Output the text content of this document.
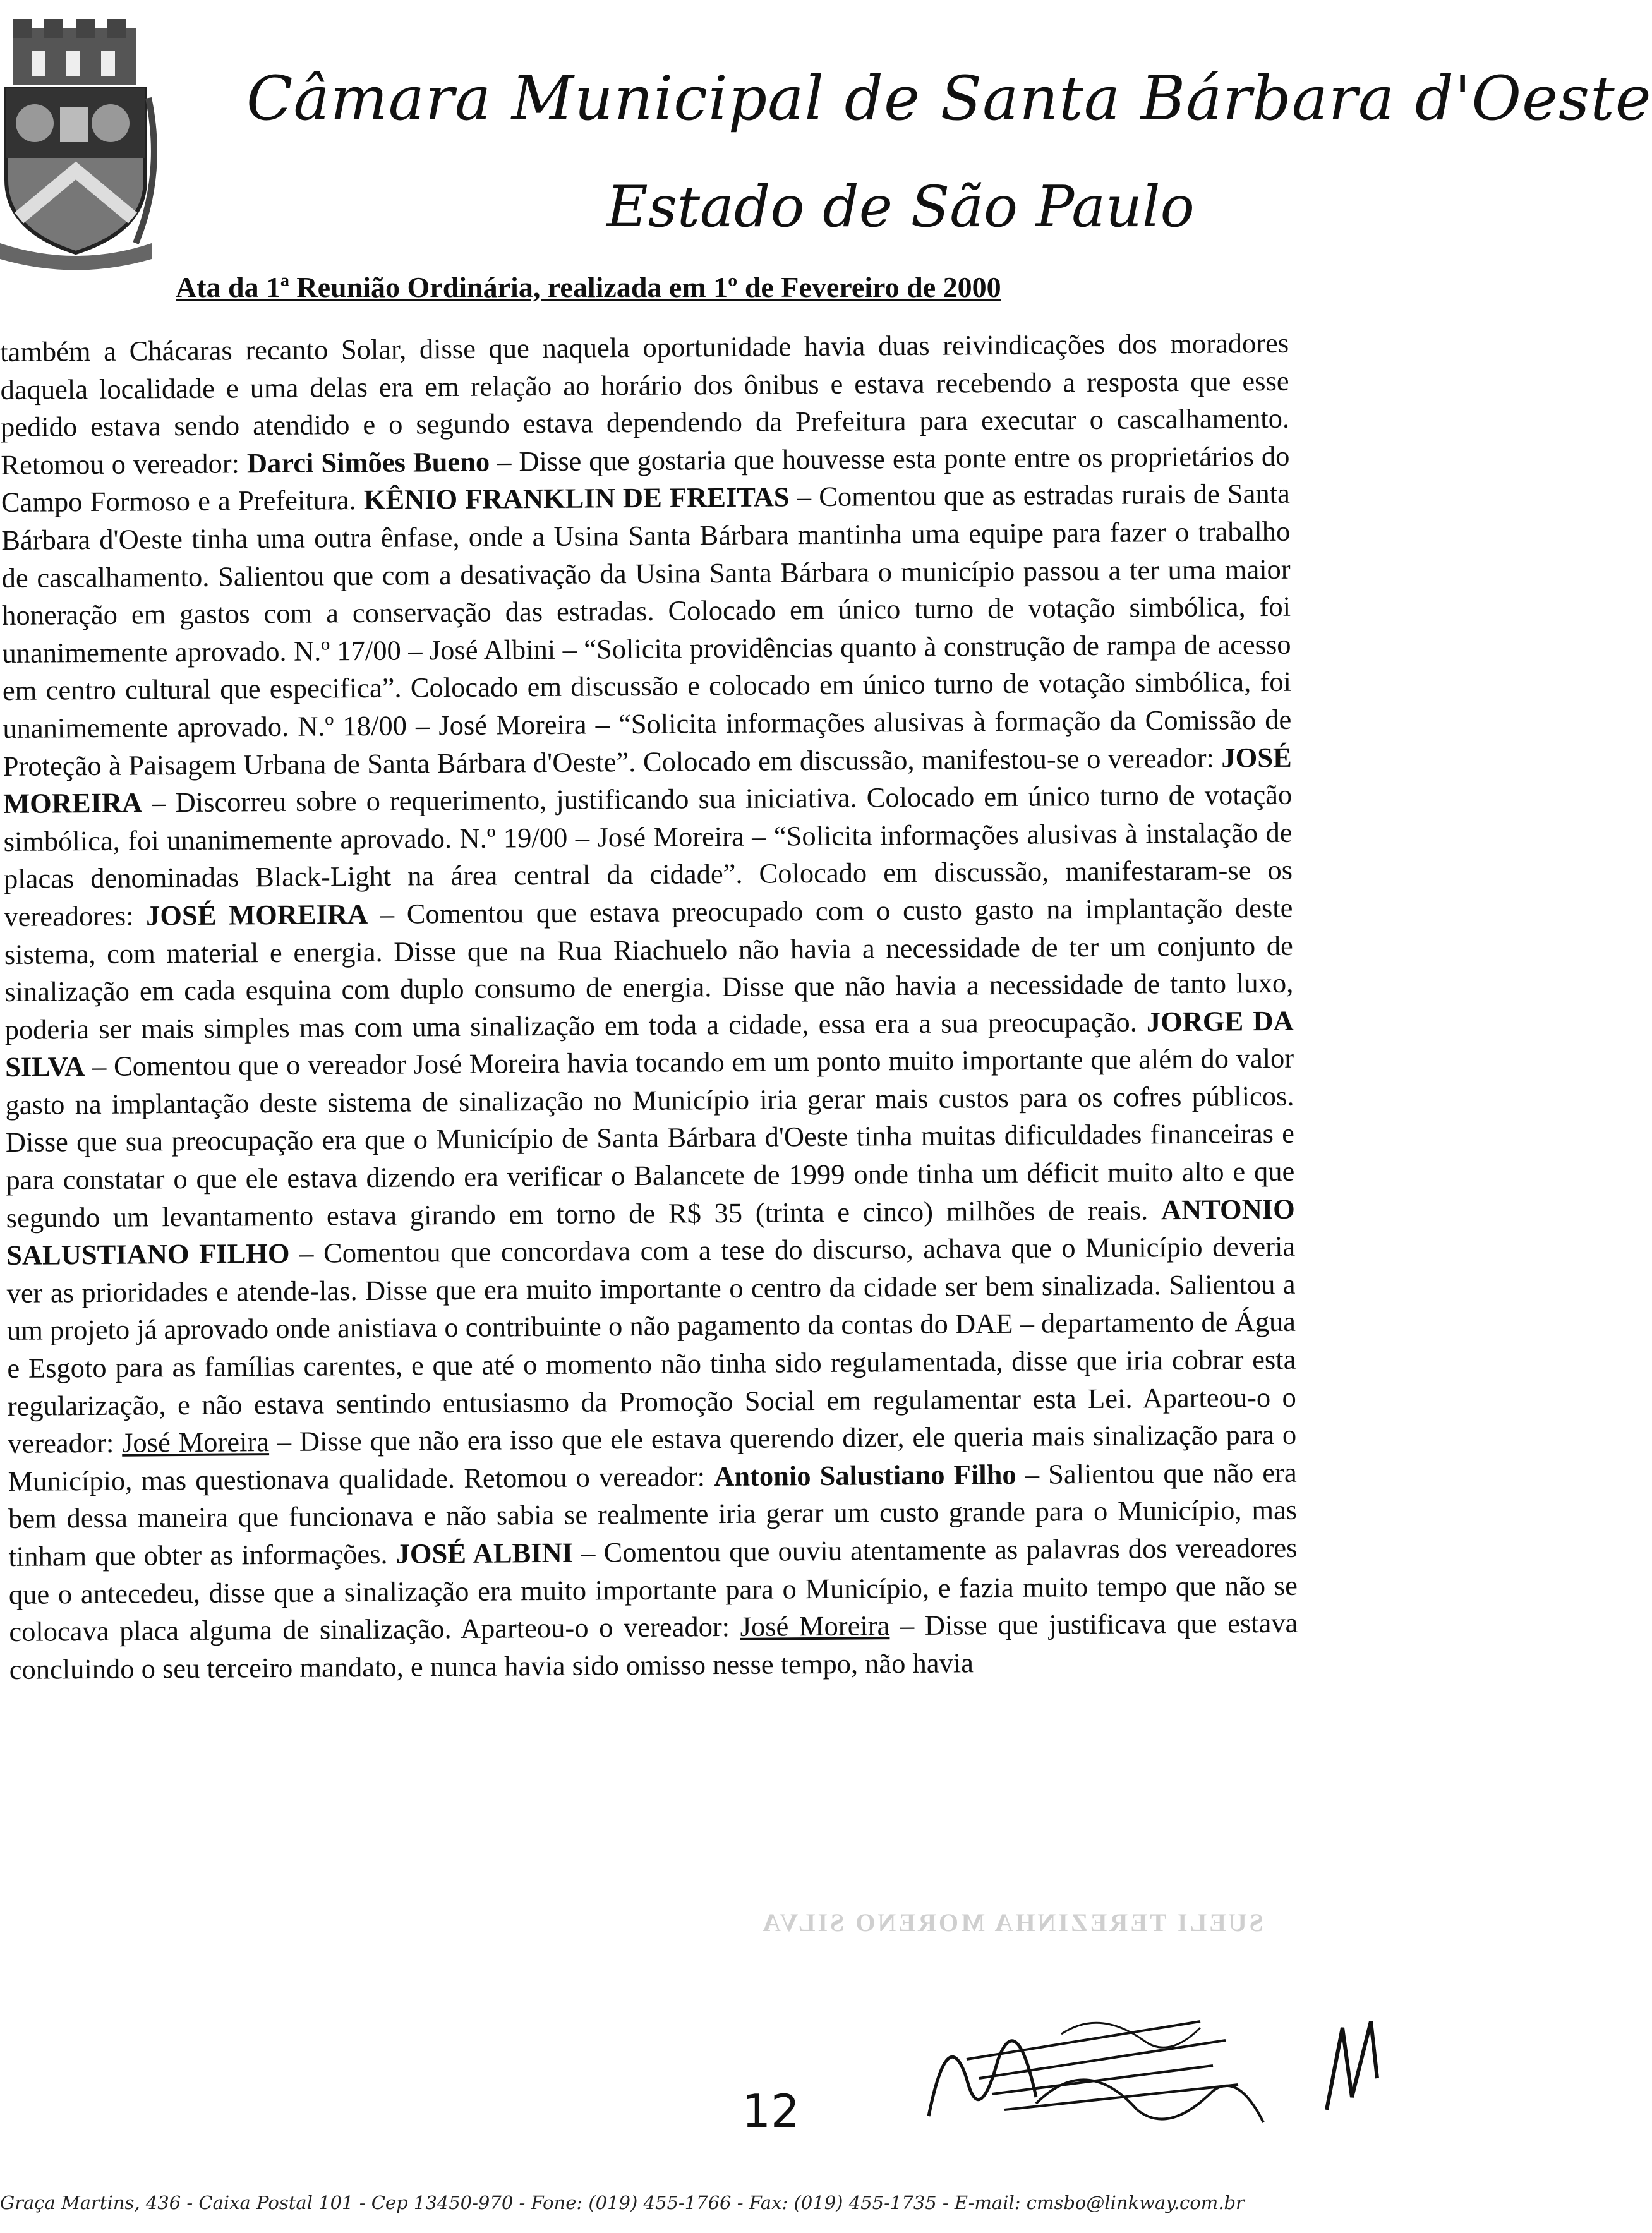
Câmara Municipal de Santa Bárbara d'Oeste
Estado de São Paulo
Ata da 1ª Reunião Ordinária, realizada em 1º de Fevereiro de 2000

também a Chácaras recanto Solar, disse que naquela oportunidade havia duas reivindicações dos moradores daquela localidade e uma delas era em relação ao horário dos ônibus e estava recebendo a resposta que esse pedido estava sendo atendido e o segundo estava dependendo da Prefeitura para executar o cascalhamento. Retomou o vereador: Darci Simões Bueno – Disse que gostaria que houvesse esta ponte entre os proprietários do Campo Formoso e a Prefeitura. KÊNIO FRANKLIN DE FREITAS – Comentou que as estradas rurais de Santa Bárbara d'Oeste tinha uma outra ênfase, onde a Usina Santa Bárbara mantinha uma equipe para fazer o trabalho de cascalhamento. Salientou que com a desativação da Usina Santa Bárbara o município passou a ter uma maior honeração em gastos com a conservação das estradas. Colocado em único turno de votação simbólica, foi unanimemente aprovado. N.º 17/00 – José Albini – “Solicita providências quanto à construção de rampa de acesso em centro cultural que especifica”. Colocado em discussão e colocado em único turno de votação simbólica, foi unanimemente aprovado. N.º 18/00 – José Moreira – “Solicita informações alusivas à formação da Comissão de Proteção à Paisagem Urbana de Santa Bárbara d'Oeste”. Colocado em discussão, manifestou-se o vereador: JOSÉ MOREIRA – Discorreu sobre o requerimento, justificando sua iniciativa. Colocado em único turno de votação simbólica, foi unanimemente aprovado. N.º 19/00 – José Moreira – “Solicita informações alusivas à instalação de placas denominadas Black-Light na área central da cidade”. Colocado em discussão, manifestaram-se os vereadores: JOSÉ MOREIRA – Comentou que estava preocupado com o custo gasto na implantação deste sistema, com material e energia. Disse que na Rua Riachuelo não havia a necessidade de ter um conjunto de sinalização em cada esquina com duplo consumo de energia. Disse que não havia a necessidade de tanto luxo, poderia ser mais simples mas com uma sinalização em toda a cidade, essa era a sua preocupação. JORGE DA SILVA – Comentou que o vereador José Moreira havia tocando em um ponto muito importante que além do valor gasto na implantação deste sistema de sinalização no Município iria gerar mais custos para os cofres públicos. Disse que sua preocupação era que o Município de Santa Bárbara d'Oeste tinha muitas dificuldades financeiras e para constatar o que ele estava dizendo era verificar o Balancete de 1999 onde tinha um déficit muito alto e que segundo um levantamento estava girando em torno de R$ 35 (trinta e cinco) milhões de reais. ANTONIO SALUSTIANO FILHO – Comentou que concordava com a tese do discurso, achava que o Município deveria ver as prioridades e atende-las. Disse que era muito importante o centro da cidade ser bem sinalizada. Salientou a um projeto já aprovado onde anistiava o contribuinte o não pagamento da contas do DAE – departamento de Água e Esgoto para as famílias carentes, e que até o momento não tinha sido regulamentada, disse que iria cobrar esta regularização, e não estava sentindo entusiasmo da Promoção Social em regulamentar esta Lei. Aparteou-o o vereador: José Moreira – Disse que não era isso que ele estava querendo dizer, ele queria mais sinalização para o Município, mas questionava qualidade. Retomou o vereador: Antonio Salustiano Filho – Salientou que não era bem dessa maneira que funcionava e não sabia se realmente iria gerar um custo grande para o Município, mas tinham que obter as informações. JOSÉ ALBINI – Comentou que ouviu atentamente as palavras dos vereadores que o antecedeu, disse que a sinalização era muito importante para o Município, e fazia muito tempo que não se colocava placa alguma de sinalização. Aparteou-o o vereador: José Moreira – Disse que justificava que estava concluindo o seu terceiro mandato, e nunca havia sido omisso nesse tempo, não havia

SUELI TEREZINHA MORENO SILVA
12
Graça Martins, 436 - Caixa Postal 101 - Cep 13450-970 - Fone: (019) 455-1766 - Fax: (019) 455-1735 - E-mail: cmsbo@linkway.com.br
